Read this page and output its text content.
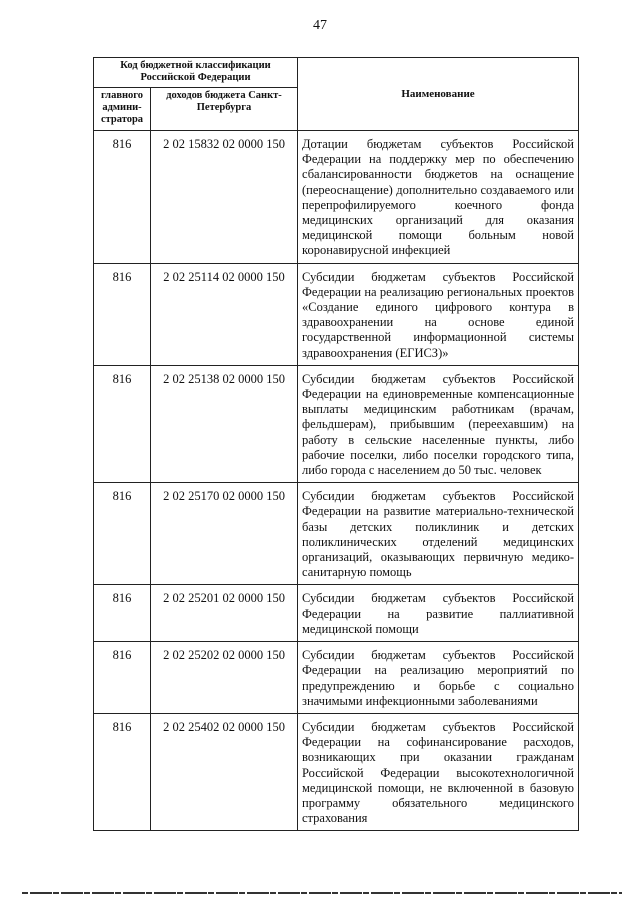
47
Код бюджетной классификации Российской Федерации		Наименование
главного админи-стратора	доходов бюджета Санкт-Петербурга	
816	2 02 15832 02 0000 150	Дотации бюджетам субъектов Российской Федерации на поддержку мер по обеспечению сбалансированности бюджетов на оснащение (переоснащение) дополнительно создаваемого или перепрофилируемого коечного фонда медицинских организаций для оказания медицинской помощи больным новой коронавирусной инфекцией
816	2 02 25114 02 0000 150	Субсидии бюджетам субъектов Российской Федерации на реализацию региональных проектов «Создание единого цифрового контура в здравоохранении на основе единой государственной информационной системы здравоохранения (ЕГИСЗ)»
816	2 02 25138 02 0000 150	Субсидии бюджетам субъектов Российской Федерации на единовременные компенсационные выплаты медицинским работникам (врачам, фельдшерам), прибывшим (переехавшим) на работу в сельские населенные пункты, либо рабочие поселки, либо поселки городского типа, либо города с населением до 50 тыс. человек
816	2 02 25170 02 0000 150	Субсидии бюджетам субъектов Российской Федерации на развитие материально-технической базы детских поликлиник и детских поликлинических отделений медицинских организаций, оказывающих первичную медико-санитарную помощь
816	2 02 25201 02 0000 150	Субсидии бюджетам субъектов Российской Федерации на развитие паллиативной медицинской помощи
816	2 02 25202 02 0000 150	Субсидии бюджетам субъектов Российской Федерации на реализацию мероприятий по предупреждению и борьбе с социально значимыми инфекционными заболеваниями
816	2 02 25402 02 0000 150	Субсидии бюджетам субъектов Российской Федерации на софинансирование расходов, возникающих при оказании гражданам Российской Федерации высокотехнологичной медицинской помощи, не включенной в базовую программу обязательного медицинского страхования
